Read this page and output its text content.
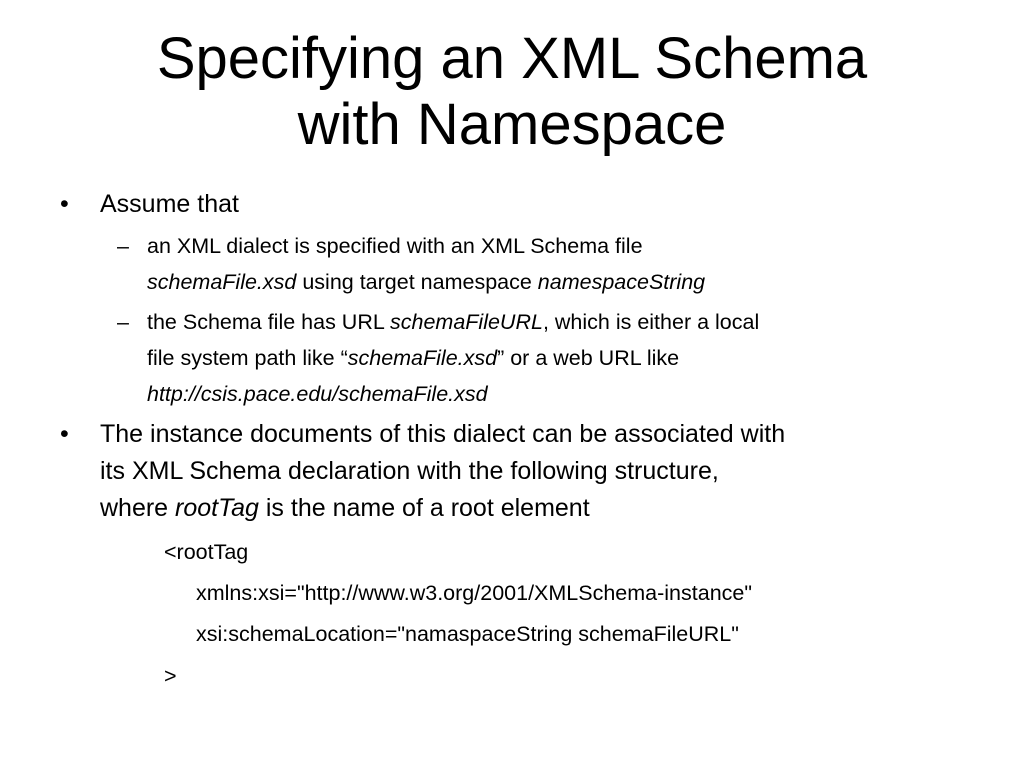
Specifying an XML Schema
with Namespace
• Assume that
– an XML dialect is specified with an XML Schema file
schemaFile.xsd using target namespace namespaceString
– the Schema file has URL schemaFileURL, which is either a local
file system path like “schemaFile.xsd” or a web URL like
http://csis.pace.edu/schemaFile.xsd
• The instance documents of this dialect can be associated with
its XML Schema declaration with the following structure,
where rootTag is the name of a root element
<rootTag
xmlns:xsi="http://www.w3.org/2001/XMLSchema-instance"
xsi:schemaLocation="namaspaceString schemaFileURL"
>
